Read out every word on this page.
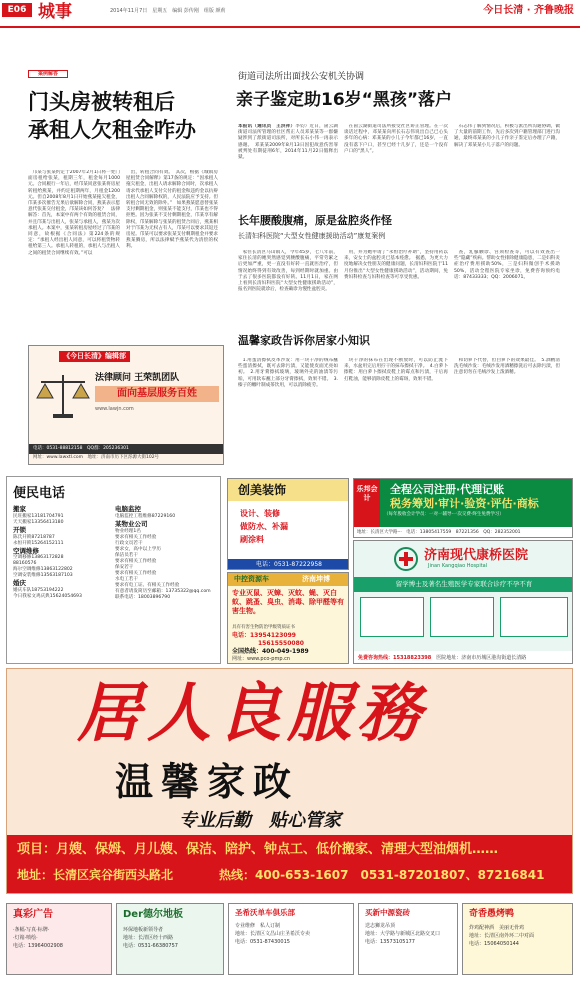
E06 城事	2014年11月7日　星期五　编辑 彭传刚　组版 颜莉	今日长清 · 齐鲁晚报
案例解答
门头房被转租后
承租人欠租金咋办

邝某与张某约定于2007年2月1日将一处门面房租给张某，租期三年，租金每月1000元。合同履行一年后，经邝某同意张某将房屋转租给燕某，并约定租期两年，月租金1200元。但自2008年8月1日开始燕某拖欠租金，邝某多次催告无果后欲解除合同，燕某表示愿意代张某交付租金，邝某该如何答复？　法律解答：首先，本案中有两个有效的租赁合同，并且邝某与出租人，张某与承租人，燕某为次承租人。本案中，张某转租房屋经过了邝某的同意，故根据《合同法》第224条的规定：“承租人经出租人同意，可以将租赁物转租给第三人。承租人转租的，承租人与出租人之间的租赁合同继续有效。”可以

出，转租合同有效。　其次，根据《城镇房屋租赁合同解释》第17条的规定：“因承租人拖欠租金，出租人请求解除合同时，次承租人请求代承租人支付欠付的租金和违约金以抗辩出租人合同解除权的，人民法院应予支持。但转租合同无效的除外。”　如果燕某愿意替张某支付剩期租金，则张某不能支付，邝某也不得拒绝。因为张某不支付剩期租金，邝某享有解除权，邝某解除与张某的租赁合同后，燕某相对于邝某为无权占有人，邝某可以要求其返还房屋。邝某可以要求张某支付剩期租金并要求燕某腾房，所以法律赋予燕某代为清偿的权利。

《今日长清》编辑部
法律顾问 王荣凯团队
面向基层服务百姓
www.lawjn.com
电话：0531-88812158　QQ群：205236301
网址：www.lawxtl.com　地址：济南市历下区泺源大街102号
街道司法所出面找公安机关协调
亲子鉴定助16岁“黑孩”落户
本报讯（通讯员　王洪祥）李钧）近日，崮云湖街道司法所管理的社区帮正人员邓某某等一群嫌疑涉到了派街道司法所，对所长石小伟一再表示感谢。　邓某某2009年8月13日因犯故意伤害罪被判处有期徒刑6年，2014年11月22日假释出狱。

在崮云湖街道司法所接受社区矫正管理。在一次谈话过程中，邓某某向所长石志伟说出自己已心头多年的心病：邓某某的小儿子今年都已16岁，一直没有落下户口，甚至已经十几岁了，还是一个没有户口的“黑人”。

石志伟了解到情况后，积极与派出所沟通协调，做了大量的前期工作，先后多次到户籍管理部门进行沟通，最终邓某某的小儿子作亲子鉴定后办理了户籍，解决了邓某某小儿子落户的问题。

长年腰酸腹痛，原是盆腔炎作怪
长清妇科医院“大型女性健康援助活动”康复案例

家住长清区马山镇人，今年45岁，七八年前，家住长清的她突然感觉到腰酸腹痛，平常劳累之后更加严重，更一直没有好转一直就医治疗，但情况始终得到有效改善，每到经期时就加重。由于去了很多医院都没有好转。11月1日，家在网上看到长清妇科医院“大型女性健康援助活动”，报名到医院就诊后，检查确诊为慢性盆腔炎。

用，并为她申请了“永恒治疗补助”，坚持用药以来，安女士的盆腔炎已基本痊愈。　据悉，为更大力度地解决女性朋友的健康问题，长清妇科医院于11月份推出“大型女性健康援助活动”，活动期间，免费妇科检查与妇科检查等可享受优惠。

查，乳腺触诊、宫颈检查等，可以有效查出一些“隐藏”疾病。帮助女性排除健康隐患，二是妇科炎症治疗费用援助50%，三是妇科微创手术援助50%，活动全程医院专家坐诊，免费咨询预约电话：87433333；QQ：2006071。

温馨家政告诉你居家小知识

1.用蛋清擦拭皮革沙发：用一块干净的绒布蘸些蛋清擦拭，既可去除污渍，又能使皮面光亮如初。　2.用牙膏擦拭玻璃，玻璃外壳的油渍等污垢，可用软布蘸上部分牙膏擦拭，效果不错。　3.榛子的嫩叶制成茶饮用，可以消除疲劳。

块干净的抹布在出现不断放时，可以防止流下来，水盆用完后用拧干的抹布擦拭干净。　4.白萝卜擦鞋：用白萝卜擦拭皮鞋上的霉点和污渍，干后再打鞋油，能够消除皮鞋上的霉斑，效果不错。

和切萝卜代替，但白萝卜的效果最佳。　5.酒精清洗毛绒沙发：毛绒沙发用酒精擦洗后可去除污渍，但注意切勿在毛绒沙发上泼酒精。

便民电话
搬家
民旺搬家13181704791
天天搬家13356413180
开锁
陈氏开锁87218787
永恒开锁15264152111
空调维修
空调移修13863172828
88160576
海尔空调维修13863122802
空调安装维修13563187103
婚庆
婚庆车队18753194222
今日我家文鸡庆典15624054693
电脑监控
电脑监控工程维修87229160
某物业公司
物业经理1名
要求有相关工作经验
行政文员若干
要求女，高中以上学历
保洁员若干
要求有相关工作经验
保安若干
要求有相关工作经验
水电工若干
要求有电工证、有相关工作经验
有意者请发简历至邮箱：13735322@qq.com
联系电话：18003896790
创美装饰
设计、装修
做防水、补漏
刷涂料
电话：0531-87222958
中控资源车	济南坤博
专业灭鼠、灭蟑、灭蚊、蝇、灭白蚁、跳蚤、臭虫、消毒、除甲醛等有害生物。
具有有害生物防治甲级资质证书
电话：13954123099
15615550080
全国热线：400-049-1989
网址：www.pco-pmp.cn
乐邦会计
全程公司注册·代理记账
税务筹划·审计·验资·评估·商标
（每年股收会计学员：一对一辅导·一次交费·终生免费学习）
地址：长清区大学路···　 电话：13805417559　87221356　QQ：282352001
济南现代康桥医院
Jinan Kangqiao Hospital
留学博士及著名生殖医学专家联合诊疗不孕不育
免费咨询热线：15318823398　 医院地址：济南市历城区港沟街道长清路
居人良服務
温馨家政
专业后勤　贴心管家
项目：月嫂、保姆、月儿嫂、保洁、陪护、钟点工、低价搬家、清理大型油烟机……
地址：长清区宾谷街西头路北	热线：400-653-1607　0531-87201807、87216841
真彩广告
·条幅·写真·标牌·
·灯箱·喷绘·
电话：13964002908
Der德尔地板
环保地板新领导者
地址：长清区经十西路
电话：0531-66380757
圣希沃单车俱乐部
专业维修　私人订制
地址：长清区文昌山庄圣希沃专卖
电话：0531-87430015
买新中源瓷砖
送志狮龙吊顶
地址：大学路与新城区北路交叉口
电话：13573105177
奇香愚烤鸭
炸鸡配神酒　美丽无骨鸡
地址：长清区南外环二中对面
电话：15064050144
